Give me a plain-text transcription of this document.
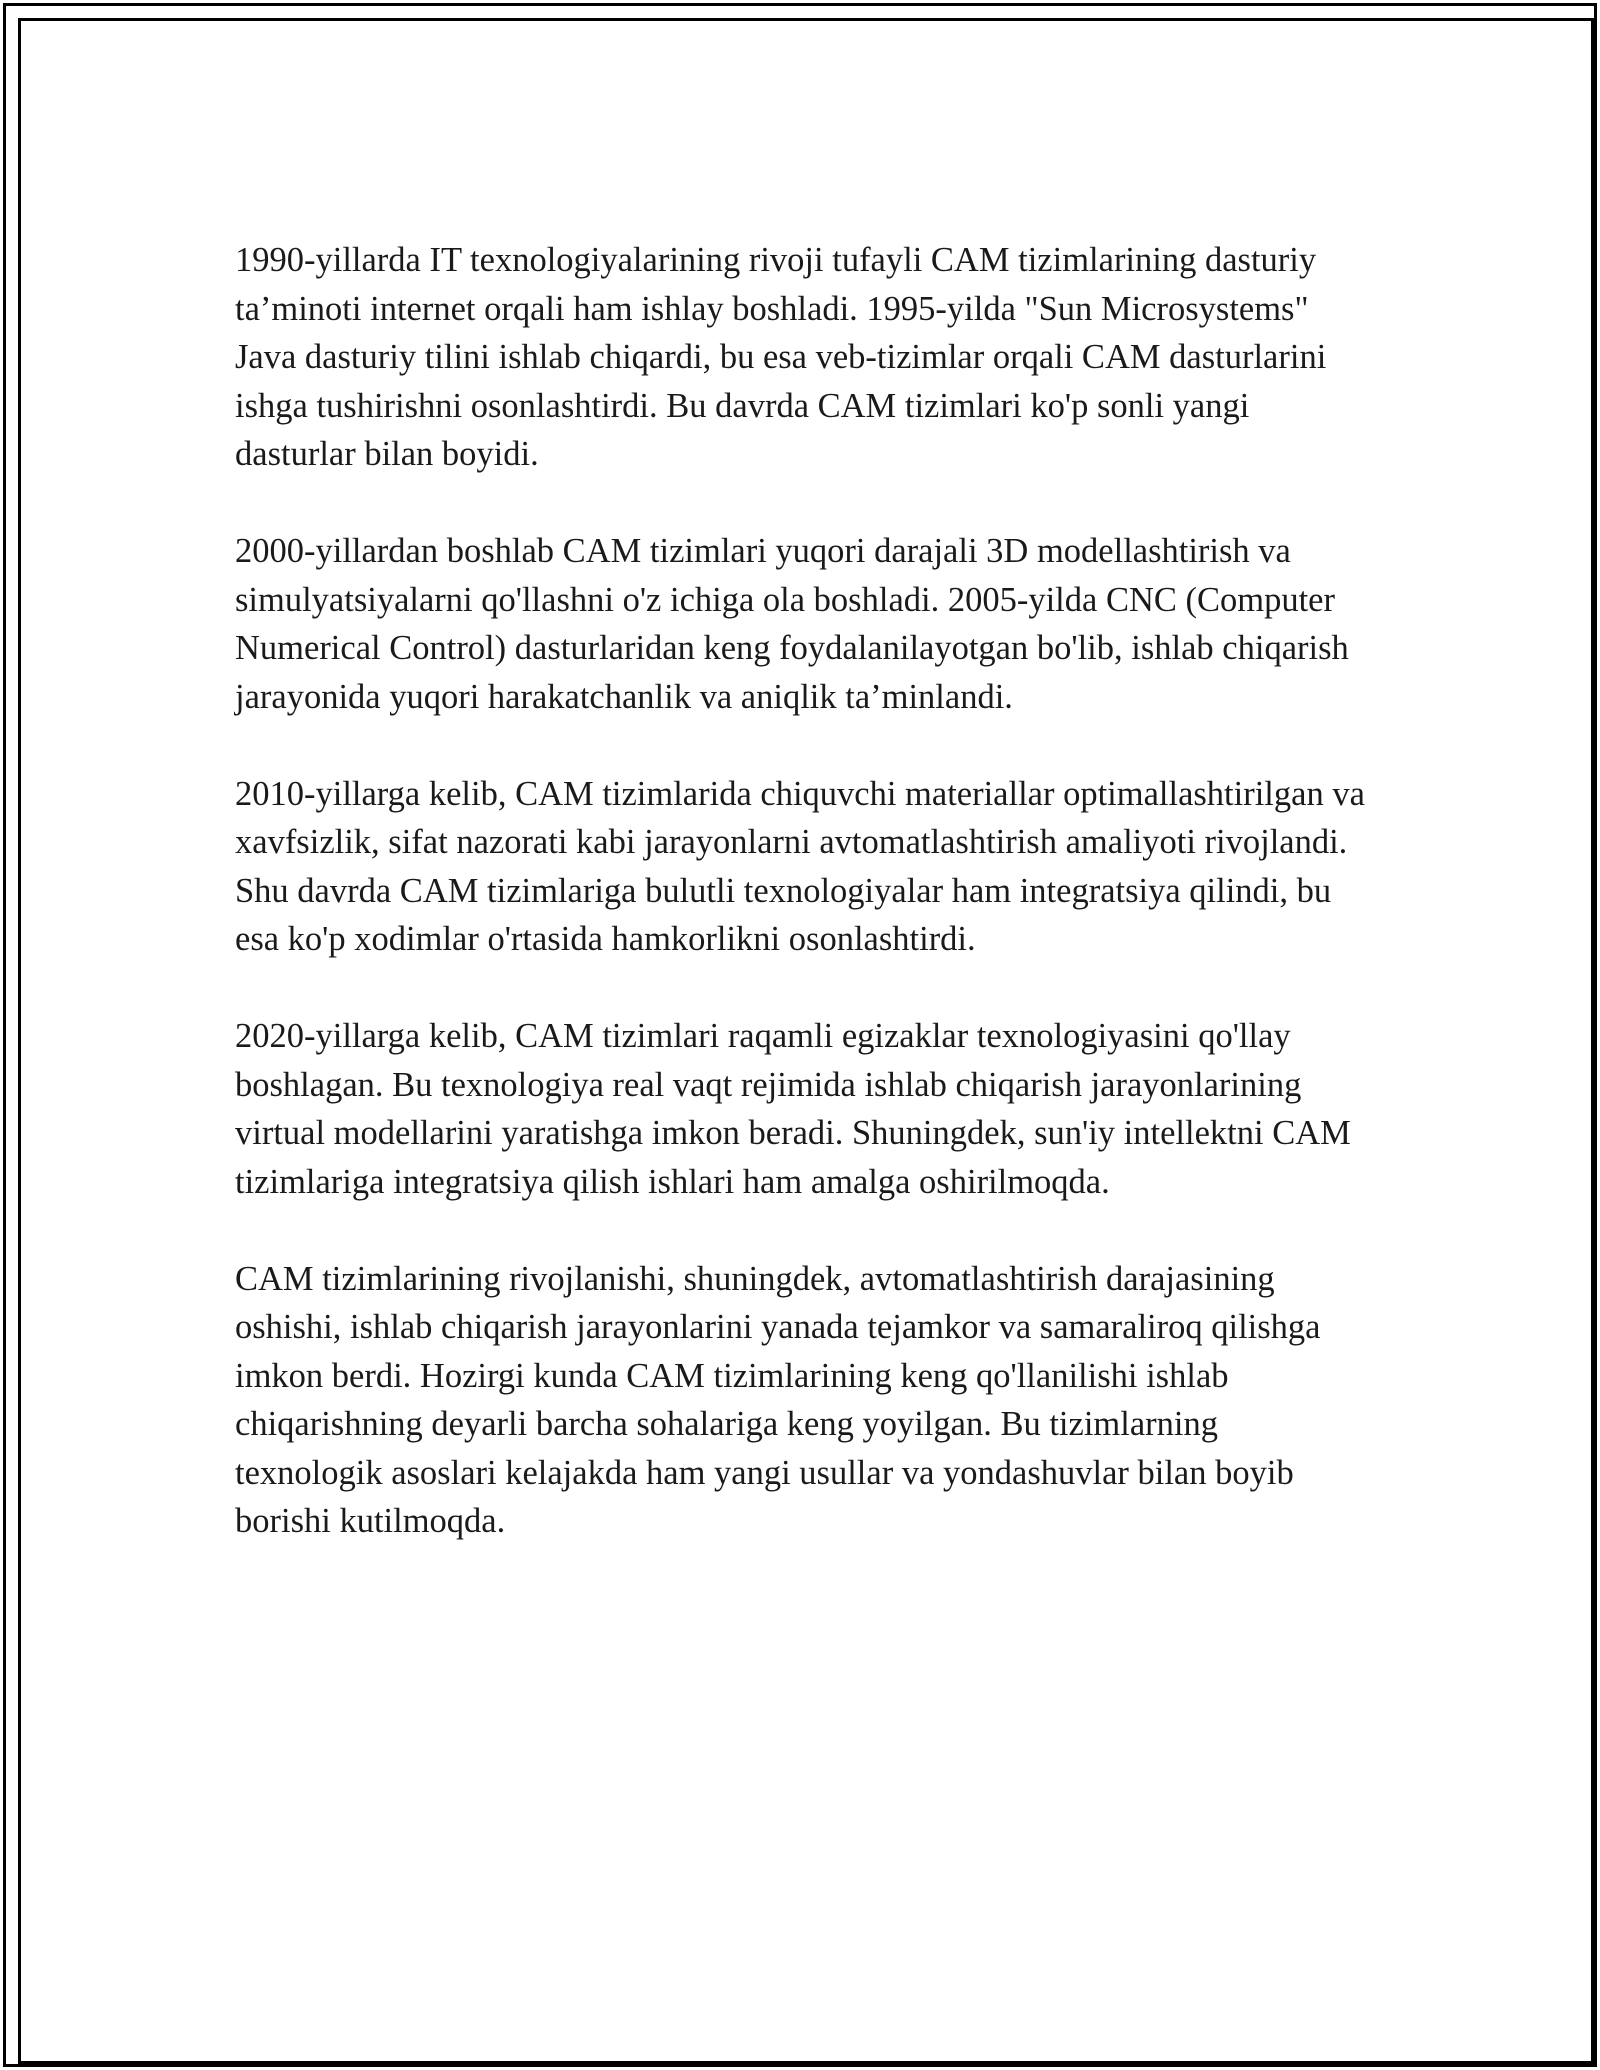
1990-yillarda IT texnologiyalarining rivoji tufayli CAM tizimlarining dasturiy ta’minoti internet orqali ham ishlay boshladi. 1995-yilda "Sun Microsystems" Java dasturiy tilini ishlab chiqardi, bu esa veb-tizimlar orqali CAM dasturlarini ishga tushirishni osonlashtirdi. Bu davrda CAM tizimlari ko'p sonli yangi dasturlar bilan boyidi.

2000-yillardan boshlab CAM tizimlari yuqori darajali 3D modellashtirish va simulyatsiyalarni qo'llashni o'z ichiga ola boshladi. 2005-yilda CNC (Computer Numerical Control) dasturlaridan keng foydalanilayotgan bo'lib, ishlab chiqarish jarayonida yuqori harakatchanlik va aniqlik ta’minlandi.

2010-yillarga kelib, CAM tizimlarida chiquvchi materiallar optimallashtirilgan va xavfsizlik, sifat nazorati kabi jarayonlarni avtomatlashtirish amaliyoti rivojlandi. Shu davrda CAM tizimlariga bulutli texnologiyalar ham integratsiya qilindi, bu esa ko'p xodimlar o'rtasida hamkorlikni osonlashtirdi.

2020-yillarga kelib, CAM tizimlari raqamli egizaklar texnologiyasini qo'llay boshlagan. Bu texnologiya real vaqt rejimida ishlab chiqarish jarayonlarining virtual modellarini yaratishga imkon beradi. Shuningdek, sun'iy intellektni CAM tizimlariga integratsiya qilish ishlari ham amalga oshirilmoqda.

CAM tizimlarining rivojlanishi, shuningdek, avtomatlashtirish darajasining oshishi, ishlab chiqarish jarayonlarini yanada tejamkor va samaraliroq qilishga imkon berdi. Hozirgi kunda CAM tizimlarining keng qo'llanilishi ishlab chiqarishning deyarli barcha sohalariga keng yoyilgan. Bu tizimlarning texnologik asoslari kelajakda ham yangi usullar va yondashuvlar bilan boyib borishi kutilmoqda.
